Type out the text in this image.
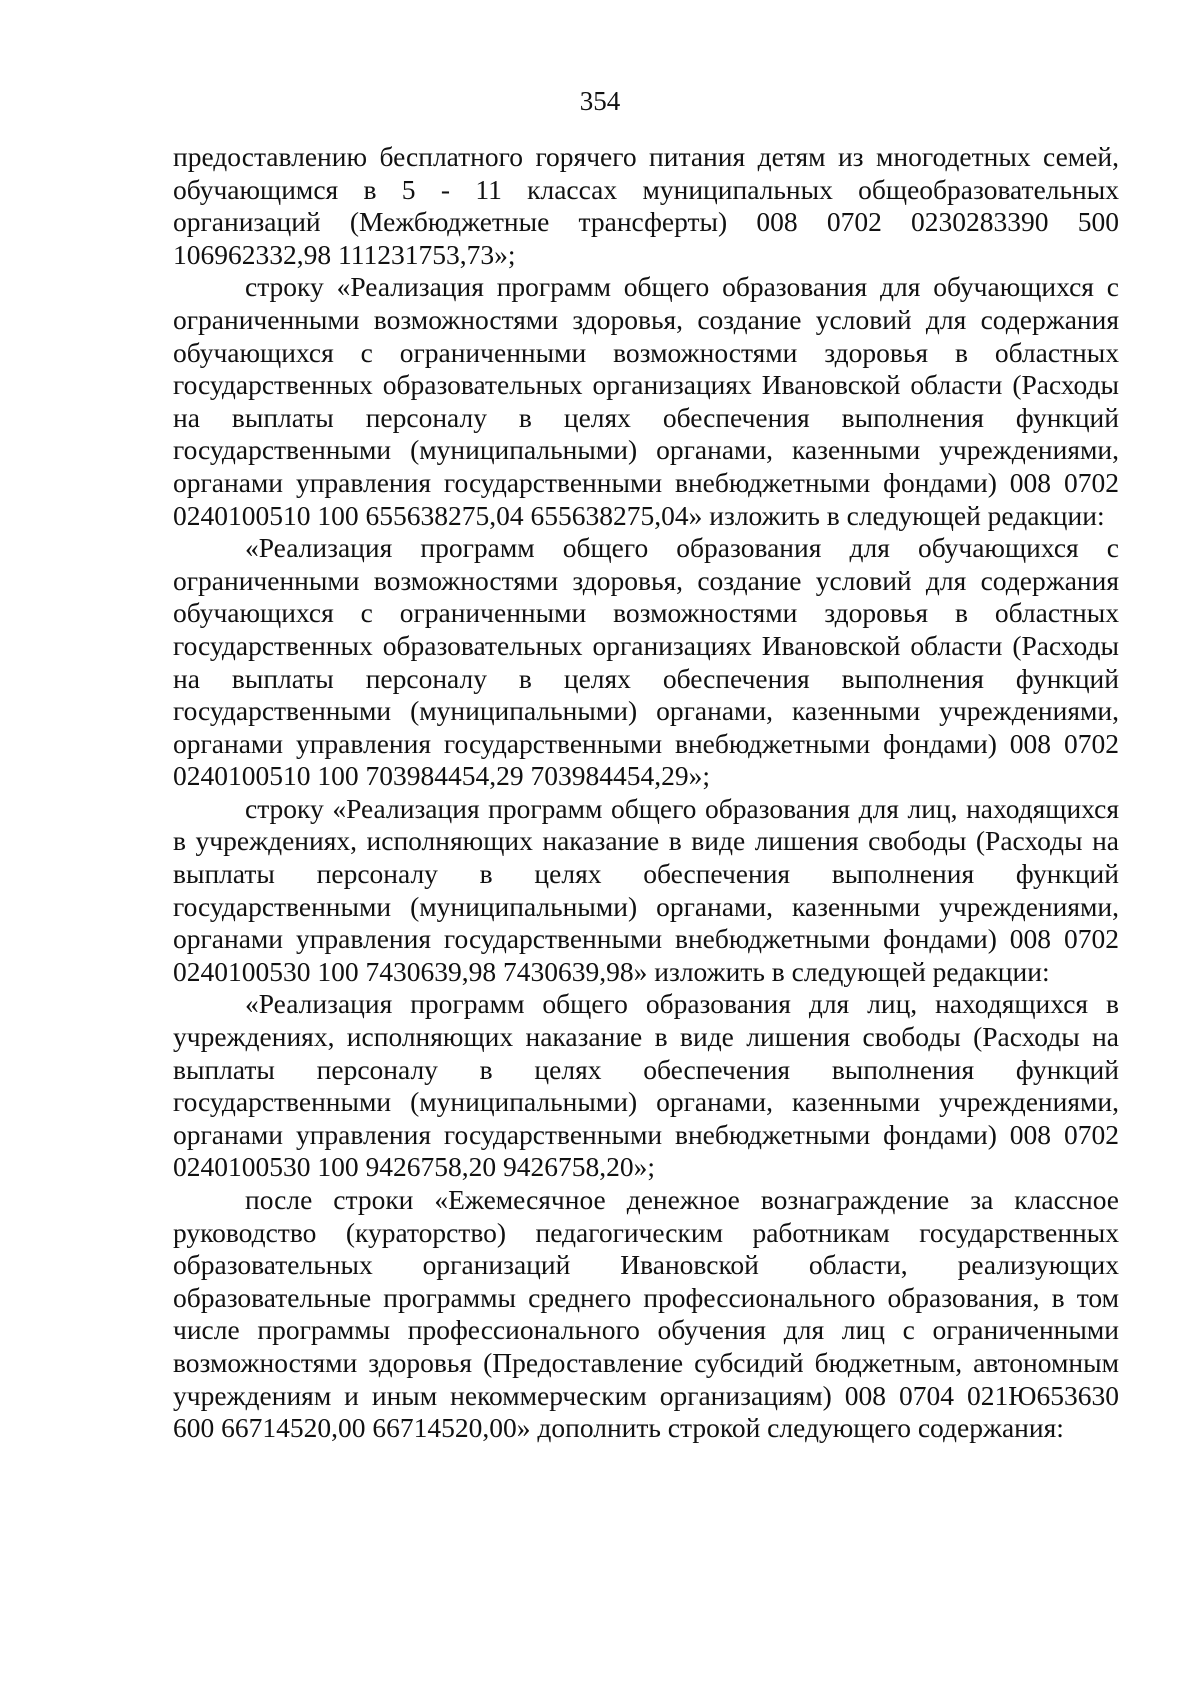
354

предоставлению бесплатного горячего питания детям из многодетных семей, обучающимся в 5 - 11 классах муниципальных общеобразовательных организаций (Межбюджетные трансферты) 008 0702 0230283390 500 106962332,98 111231753,73»;

строку «Реализация программ общего образования для обучающихся с ограниченными возможностями здоровья, создание условий для содержания обучающихся с ограниченными возможностями здоровья в областных государственных образовательных организациях Ивановской области (Расходы на выплаты персоналу в целях обеспечения выполнения функций государственными (муниципальными) органами, казенными учреждениями, органами управления государственными внебюджетными фондами) 008 0702 0240100510 100 655638275,04 655638275,04» изложить в следующей редакции:

«Реализация программ общего образования для обучающихся с ограниченными возможностями здоровья, создание условий для содержания обучающихся с ограниченными возможностями здоровья в областных государственных образовательных организациях Ивановской области (Расходы на выплаты персоналу в целях обеспечения выполнения функций государственными (муниципальными) органами, казенными учреждениями, органами управления государственными внебюджетными фондами) 008 0702 0240100510 100 703984454,29 703984454,29»;

строку «Реализация программ общего образования для лиц, находящихся в учреждениях, исполняющих наказание в виде лишения свободы (Расходы на выплаты персоналу в целях обеспечения выполнения функций государственными (муниципальными) органами, казенными учреждениями, органами управления государственными внебюджетными фондами) 008 0702 0240100530 100 7430639,98 7430639,98» изложить в следующей редакции:

«Реализация программ общего образования для лиц, находящихся в учреждениях, исполняющих наказание в виде лишения свободы (Расходы на выплаты персоналу в целях обеспечения выполнения функций государственными (муниципальными) органами, казенными учреждениями, органами управления государственными внебюджетными фондами) 008 0702 0240100530 100 9426758,20 9426758,20»;

после строки «Ежемесячное денежное вознаграждение за классное руководство (кураторство) педагогическим работникам государственных образовательных организаций Ивановской области, реализующих образовательные программы среднего профессионального образования, в том числе программы профессионального обучения для лиц с ограниченными возможностями здоровья (Предоставление субсидий бюджетным, автономным учреждениям и иным некоммерческим организациям) 008 0704 021Ю653630 600 66714520,00 66714520,00» дополнить строкой следующего содержания:
